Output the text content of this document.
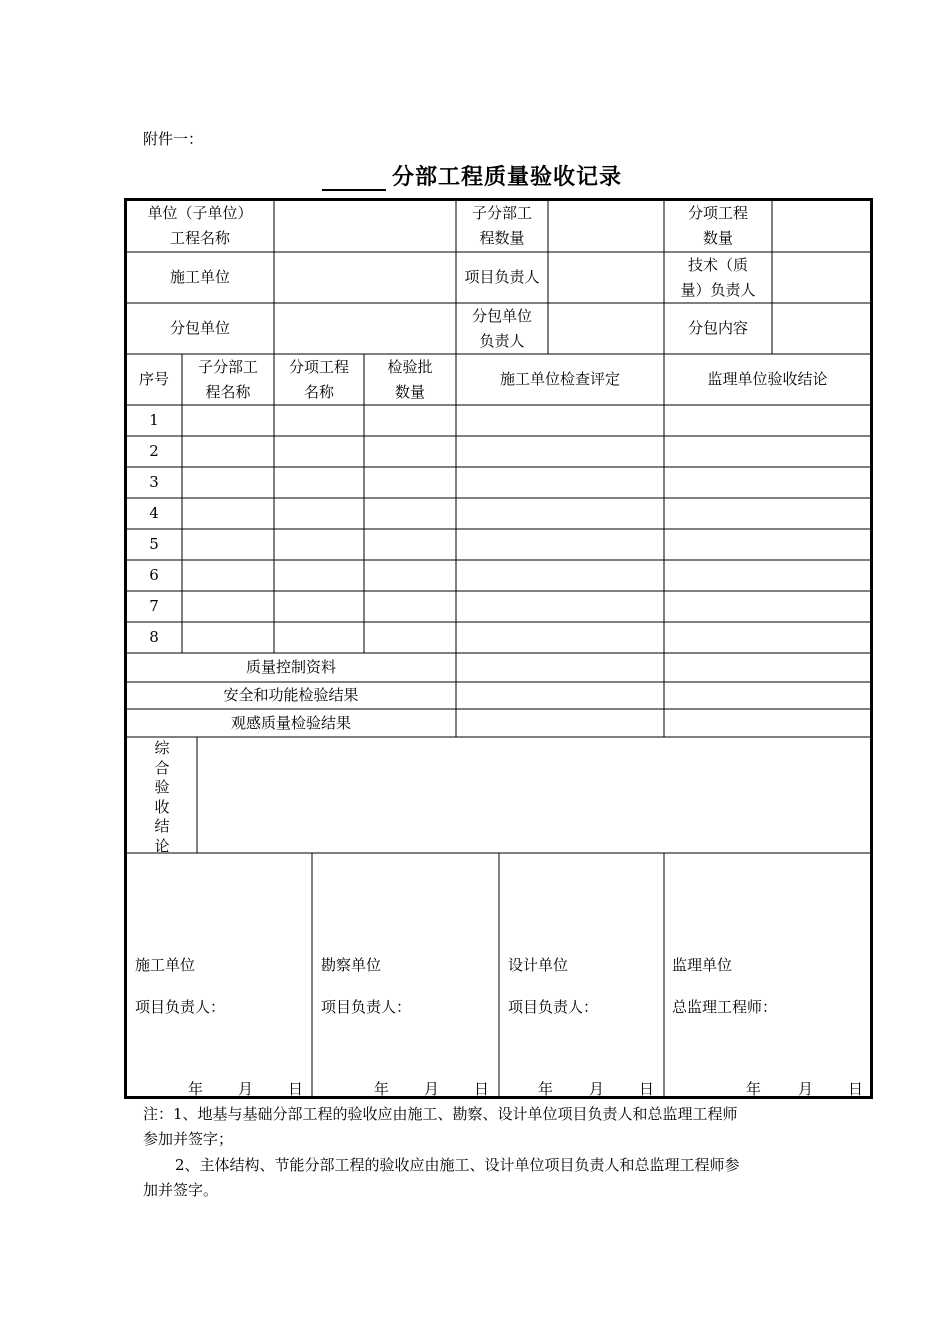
附件一：
分部工程质量验收记录
单位（子单位）
工程名称
子分部工
程数量
分项工程
数量
施工单位	项目负责人
技术（质
量）负责人
分包单位
分包单位
负责人
分包内容
序号
子分部工
程名称
分项工程
名称
检验批
数量
施工单位检查评定	监理单位验收结论
1
2
3
4
5
6
7
8
质量控制资料
安全和功能检验结果
观感质量检验结果
综
合
验
收
结
论
施工单位
项目负责人：
年 月 日
勘察单位
项目负责人：
年 月 日
设计单位
项目负责人：
年 月 日
监理单位
总监理工程师：
年 月 日
注：1、地基与基础分部工程的验收应由施工、勘察、设计单位项目负责人和总监理工程师
参加并签字；
2、主体结构、节能分部工程的验收应由施工、设计单位项目负责人和总监理工程师参
加并签字。
